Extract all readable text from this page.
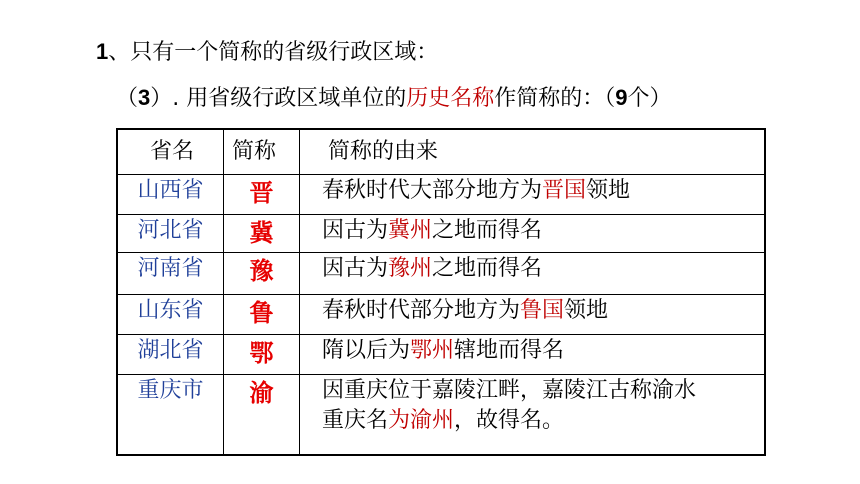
1、只有一个简称的省级行政区域：
（3）. 用省级行政区域单位的历史名称作简称的：（9个）
省名 简称 简称的由来
山西省	晋	春秋时代大部分地方为晋国领地
河北省	冀	因古为冀州之地而得名
河南省	豫	因古为豫州之地而得名
山东省	鲁	春秋时代部分地方为鲁国领地
湖北省	鄂	隋以后为鄂州辖地而得名
重庆市	渝	因重庆位于嘉陵江畔，嘉陵江古称渝水
重庆名为渝州，故得名。
